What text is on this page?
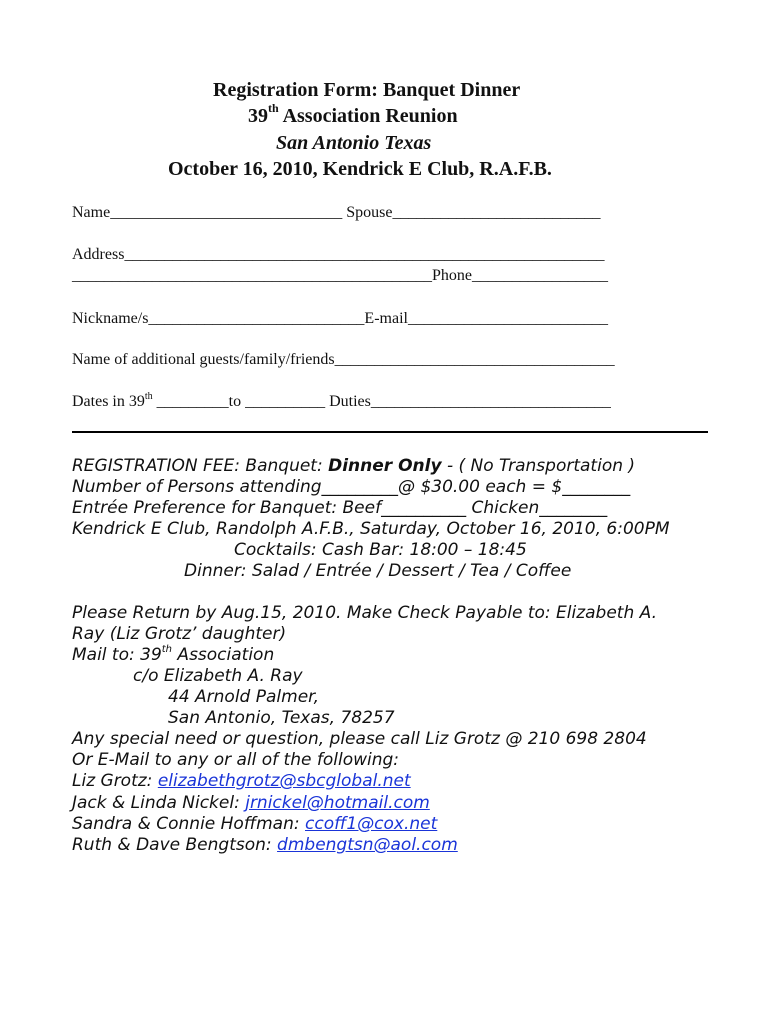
Registration Form: Banquet Dinner
39th Association Reunion
San Antonio Texas
October 16, 2010, Kendrick E Club, R.A.F.B.
Name_____________________________ Spouse__________________________
Address____________________________________________________________
_____________________________________________Phone_________________
Nickname/s___________________________E-mail_________________________
Name of additional guests/family/friends___________________________________
Dates in 39th _________to __________ Duties______________________________
REGISTRATION FEE: Banquet: Dinner Only - ( No Transportation )
Number of Persons attending_________@ $30.00 each = $________
Entrée Preference for Banquet: Beef__________ Chicken________
Kendrick E Club, Randolph A.F.B., Saturday, October 16, 2010, 6:00PM
Cocktails: Cash Bar: 18:00 – 18:45
Dinner: Salad / Entrée / Dessert / Tea / Coffee
Please Return by Aug.15, 2010. Make Check Payable to: Elizabeth A.
Ray (Liz Grotz’ daughter)
Mail to: 39th Association
c/o Elizabeth A. Ray
44 Arnold Palmer,
San Antonio, Texas, 78257
Any special need or question, please call Liz Grotz @ 210 698 2804
Or E-Mail to any or all of the following:
Liz Grotz: elizabethgrotz@sbcglobal.net
Jack & Linda Nickel: jrnickel@hotmail.com
Sandra & Connie Hoffman: ccoff1@cox.net
Ruth & Dave Bengtson: dmbengtsn@aol.com
